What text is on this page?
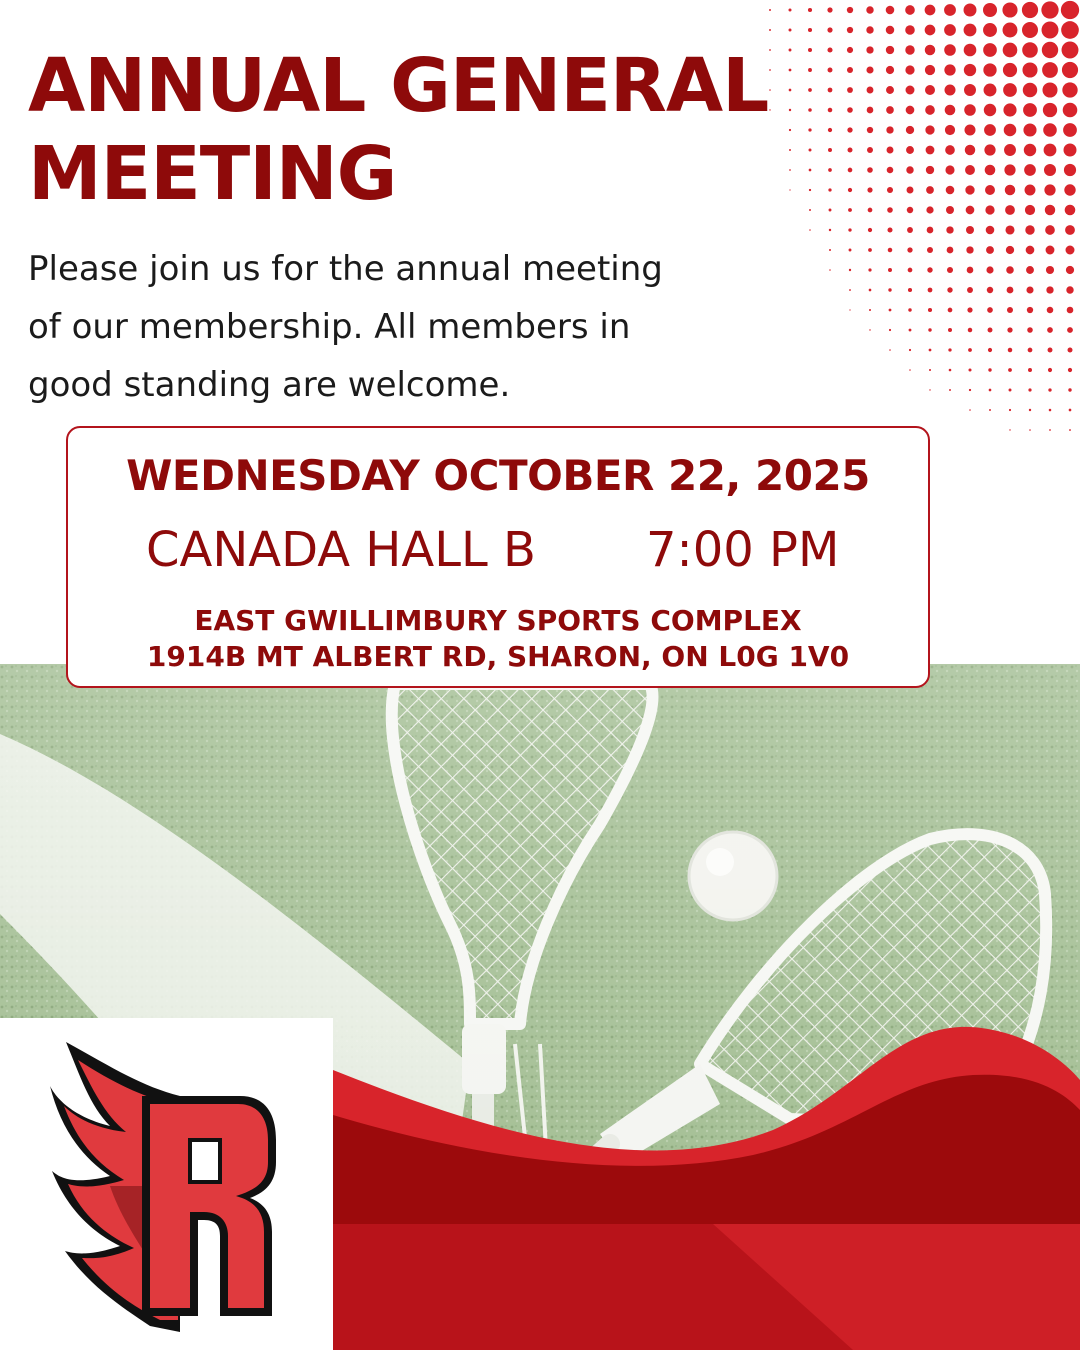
ANNUAL GENERAL
MEETING

Please join us for the annual meeting
of our membership. All members in
good standing are welcome.

WEDNESDAY OCTOBER 22, 2025
CANADA HALL B 7:00 PM
EAST GWILLIMBURY SPORTS COMPLEX
1914B MT ALBERT RD, SHARON, ON L0G 1V0
